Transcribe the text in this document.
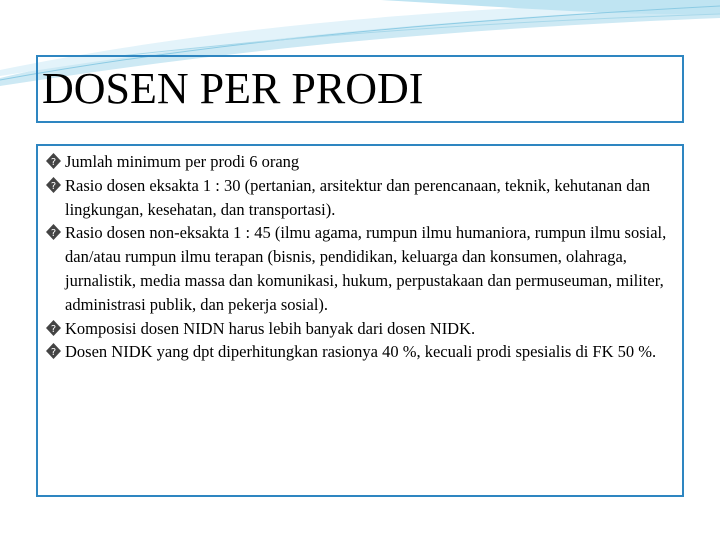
DOSEN PER PRODI
? Jumlah minimum per prodi 6 orang
? Rasio dosen eksakta 1 : 30 (pertanian, arsitektur dan perencanaan, teknik, kehutanan dan lingkungan, kesehatan, dan transportasi).
? Rasio dosen non-eksakta 1 : 45 (ilmu agama, rumpun ilmu humaniora, rumpun ilmu sosial, dan/atau rumpun ilmu terapan (bisnis, pendidikan, keluarga dan konsumen, olahraga, jurnalistik, media massa dan komunikasi, hukum, perpustakaan dan permuseuman, militer, administrasi publik, dan pekerja sosial).
? Komposisi dosen NIDN harus lebih banyak dari dosen NIDK.
? Dosen NIDK yang dpt diperhitungkan rasionya 40 %, kecuali prodi spesialis di FK 50 %.
